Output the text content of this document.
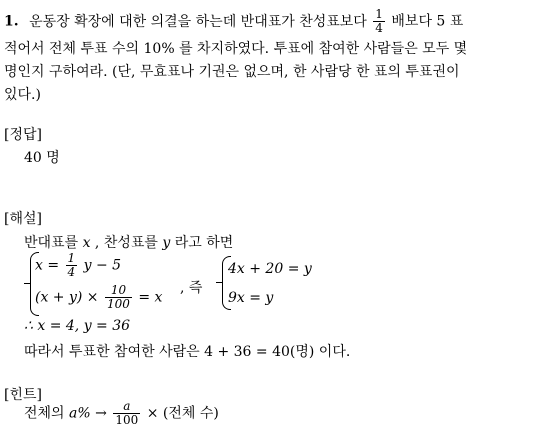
1. 운동장 확장에 대한 의결을 하는데 반대표가 찬성표보다 $\frac{1}{4}$ 배보다 5 표
적어서 전체 투표 수의 10% 를 차지하였다. 투표에 참여한 사람들은 모두 몇
명인지 구하여라. (단, 무효표나 기권은 없으며, 한 사람당 한 표의 투표권이
있다.)
[정답]
40 명
[해설]
반대표를 x , 찬성표를 y 라고 하면
$x = \frac{1}{4}$ y − 5
$(x + y) \times \frac{10}{100} = x$
, 즉
4x + 20 = y
9x = y
∴ x = 4, y = 36
따라서 투표한 참여한 사람은 4 + 36 = 40(명) 이다.
[힌트]
전체의 $a\% \to \frac{a}{100}$ × (전체 수)
